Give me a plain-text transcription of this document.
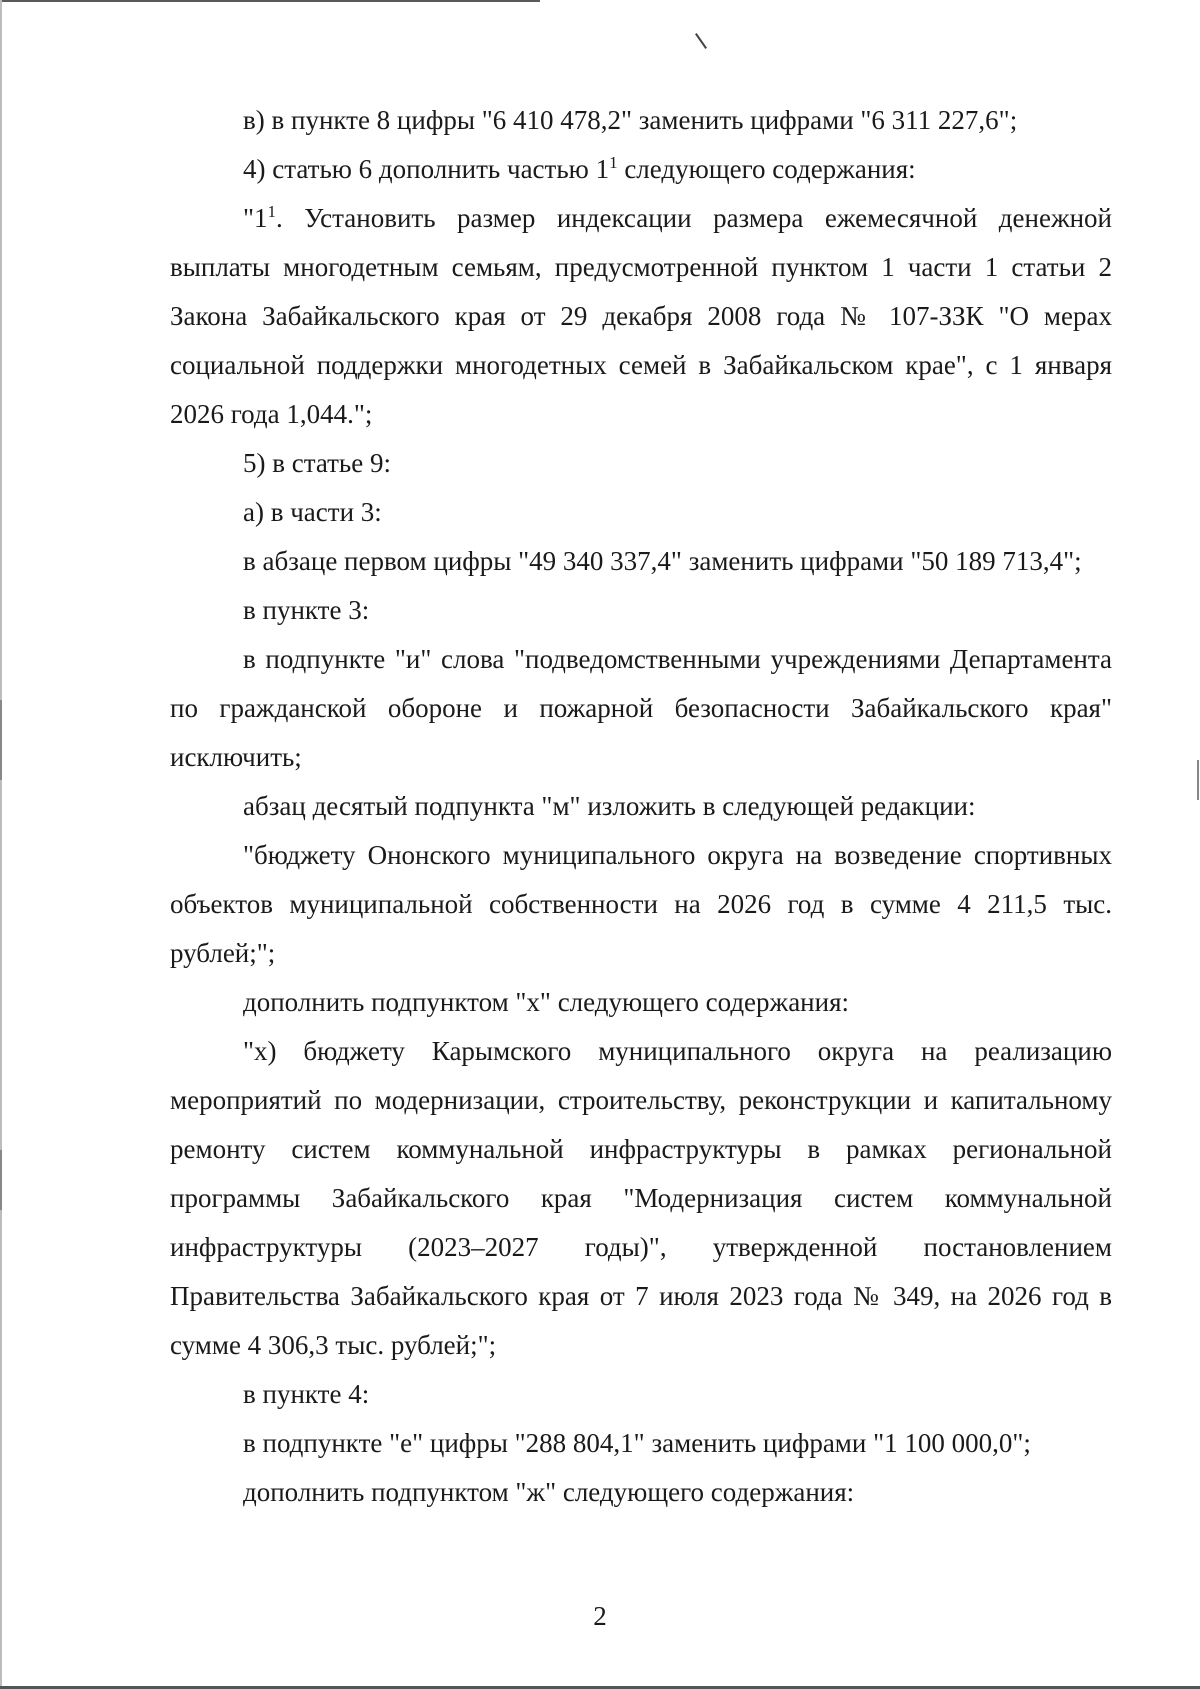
в) в пункте 8 цифры "6 410 478,2" заменить цифрами "6 311 227,6";

4) статью 6 дополнить частью $1^1$ следующего содержания:

"$1^1$. Установить размер индексации размера ежемесячной денежной выплаты многодетным семьям, предусмотренной пунктом 1 части 1 статьи 2 Закона Забайкальского края от 29 декабря 2008 года № 107-ЗЗК "О мерах социальной поддержки многодетных семей в Забайкальском крае", с 1 января 2026 года 1,044.";

5) в статье 9:

а) в части 3:

в абзаце первом цифры "49 340 337,4" заменить цифрами "50 189 713,4";

в пункте 3:

в подпункте "и" слова "подведомственными учреждениями Департамента по гражданской обороне и пожарной безопасности Забайкальского края" исключить;

абзац десятый подпункта "м" изложить в следующей редакции:

"бюджету Ононского муниципального округа на возведение спортивных объектов муниципальной собственности на 2026 год в сумме 4 211,5 тыс. рублей;";

дополнить подпунктом "х" следующего содержания:

"х) бюджету Карымского муниципального округа на реализацию мероприятий по модернизации, строительству, реконструкции и капитальному ремонту систем коммунальной инфраструктуры в рамках региональной программы Забайкальского края "Модернизация систем коммунальной инфраструктуры (2023–2027 годы)", утвержденной постановлением Правительства Забайкальского края от 7 июля 2023 года № 349, на 2026 год в сумме 4 306,3 тыс. рублей;";

в пункте 4:

в подпункте "е" цифры "288 804,1" заменить цифрами "1 100 000,0";

дополнить подпунктом "ж" следующего содержания:

2
